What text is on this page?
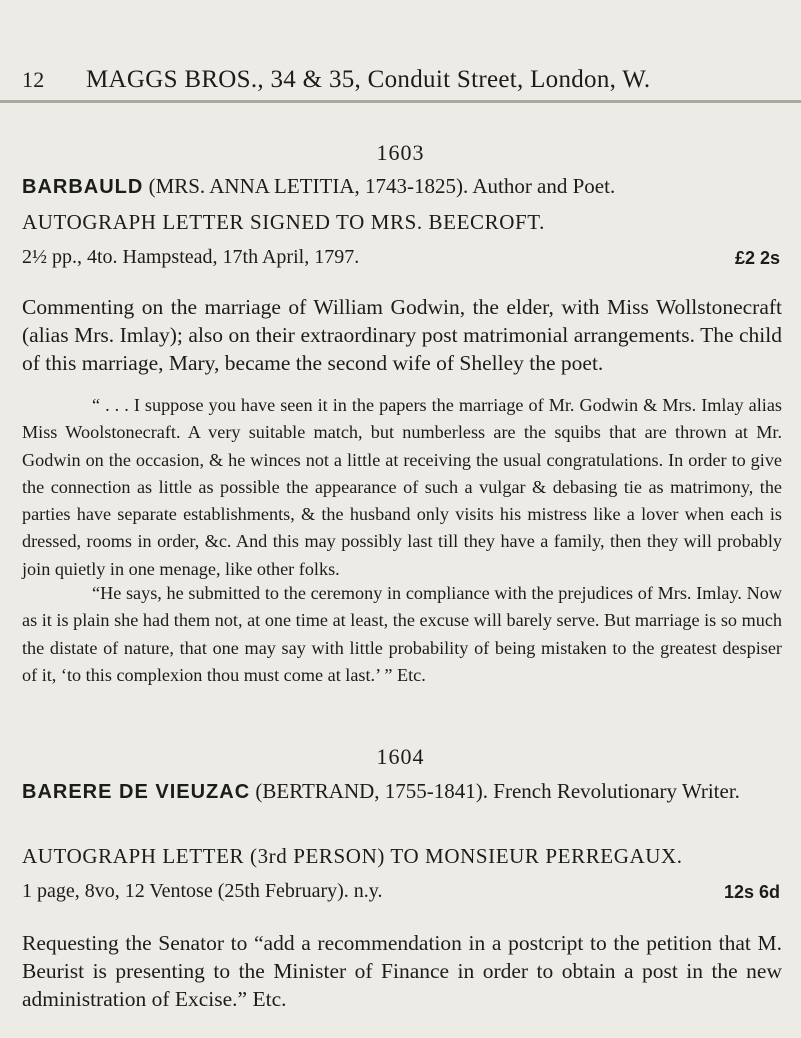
12 MAGGS BROS., 34 & 35, Conduit Street, London, W.
1603
BARBAULD (MRS. ANNA LETITIA, 1743-1825). Author and Poet.
AUTOGRAPH LETTER SIGNED TO MRS. BEECROFT.
2½ pp., 4to. Hampstead, 17th April, 1797.	£2 2s
Commenting on the marriage of William Godwin, the elder, with Miss Wollstonecraft (alias Mrs. Imlay); also on their extraordinary post matrimonial arrangements. The child of this marriage, Mary, became the second wife of Shelley the poet.
“ . . . I suppose you have seen it in the papers the marriage of Mr. Godwin & Mrs. Imlay alias Miss Woolstonecraft. A very suitable match, but numberless are the squibs that are thrown at Mr. Godwin on the occasion, & he winces not a little at receiving the usual congratulations. In order to give the connection as little as possible the appearance of such a vulgar & debasing tie as matrimony, the parties have separate establishments, & the husband only visits his mistress like a lover when each is dressed, rooms in order, &c. And this may possibly last till they have a family, then they will probably join quietly in one menage, like other folks.
“He says, he submitted to the ceremony in compliance with the prejudices of Mrs. Imlay. Now as it is plain she had them not, at one time at least, the excuse will barely serve. But marriage is so much the distate of nature, that one may say with little probability of being mistaken to the greatest despiser of it, ‘to this complexion thou must come at last.’ ” Etc.
1604
BARERE DE VIEUZAC (BERTRAND, 1755-1841). French Revolutionary Writer.
AUTOGRAPH LETTER (3rd PERSON) TO MONSIEUR PERREGAUX.
1 page, 8vo, 12 Ventose (25th February). n.y.	12s 6d
Requesting the Senator to “add a recommendation in a postcript to the petition that M. Beurist is presenting to the Minister of Finance in order to obtain a post in the new administration of Excise.” Etc.
